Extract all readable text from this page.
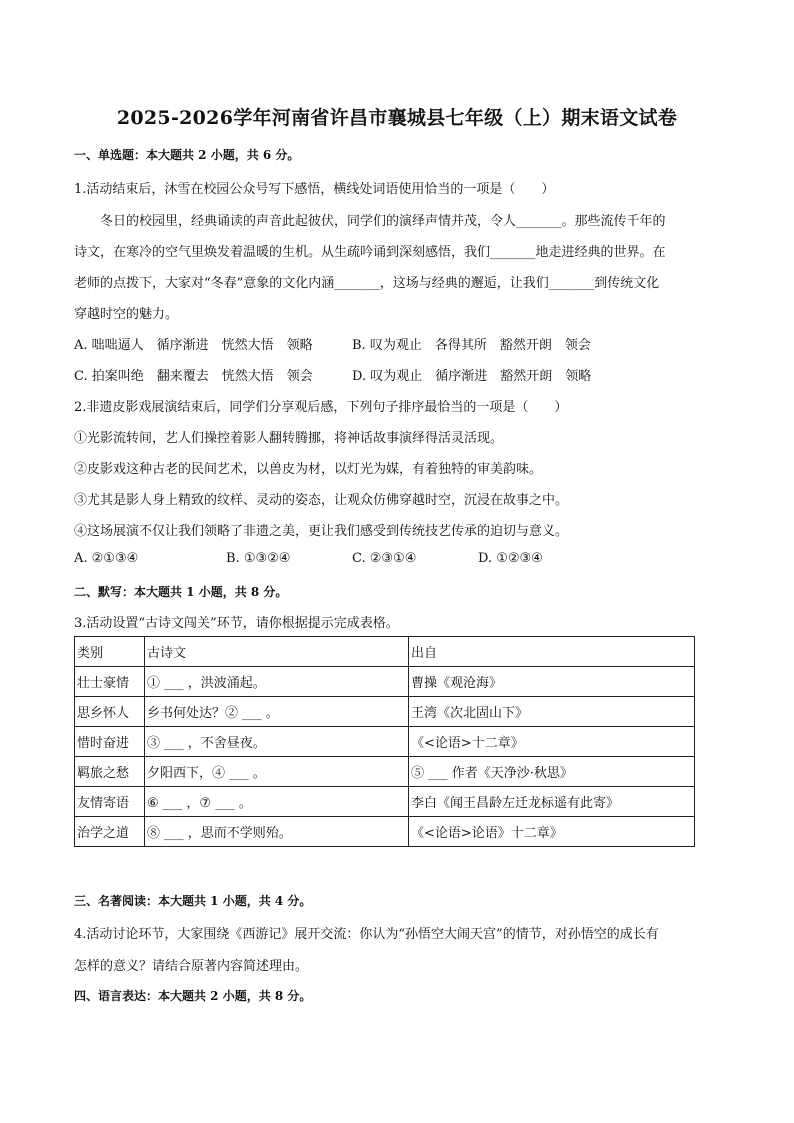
2025-2026学年河南省许昌市襄城县七年级（上）期末语文试卷
一、单选题：本大题共 2 小题，共 6 分。
1.活动结束后，沐雪在校园公众号写下感悟，横线处词语使用恰当的一项是（　　）
冬日的校园里，经典诵读的声音此起彼伏，同学们的演绎声情并茂，令人_______。那些流传千年的
诗文，在寒冷的空气里焕发着温暖的生机。从生疏吟诵到深刻感悟，我们_______地走进经典的世界。在
老师的点拨下，大家对“冬春”意象的文化内涵_______，这场与经典的邂逅，让我们_______到传统文化
穿越时空的魅力。
A. 咄咄逼人　循序渐进　恍然大悟　领略	B. 叹为观止　各得其所　豁然开朗　领会
C. 拍案叫绝　翻来覆去　恍然大悟　领会	D. 叹为观止　循序渐进　豁然开朗　领略
2.非遗皮影戏展演结束后，同学们分享观后感，下列句子排序最恰当的一项是（　　）
①光影流转间，艺人们操控着影人翻转腾挪，将神话故事演绎得活灵活现。
②皮影戏这种古老的民间艺术，以兽皮为材，以灯光为媒，有着独特的审美韵味。
③尤其是影人身上精致的纹样、灵动的姿态，让观众仿佛穿越时空，沉浸在故事之中。
④这场展演不仅让我们领略了非遗之美，更让我们感受到传统技艺传承的迫切与意义。
A. ②①③④	B. ①③②④	C. ②③①④	D. ①②③④
二、默写：本大题共 1 小题，共 8 分。
3.活动设置“古诗文闯关”环节，请你根据提示完成表格。
类别	古诗文	出自
壮士豪情	① ___ ，洪波涌起。	曹操《观沧海》
思乡怀人	乡书何处达？② ___ 。	王湾《次北固山下》
惜时奋进	③ ___ ，不舍昼夜。	《<论语>十二章》
羁旅之愁	夕阳西下，④ ___ 。	⑤ ___ 作者《天净沙·秋思》
友情寄语	⑥ ___ ，⑦ ___ 。	李白《闻王昌龄左迁龙标遥有此寄》
治学之道	⑧ ___ ，思而不学则殆。	《<论语>论语》十二章》
三、名著阅读：本大题共 1 小题，共 4 分。
4.活动讨论环节，大家围绕《西游记》展开交流：你认为“孙悟空大闹天宫”的情节，对孙悟空的成长有
怎样的意义？请结合原著内容简述理由。
四、语言表达：本大题共 2 小题，共 8 分。
